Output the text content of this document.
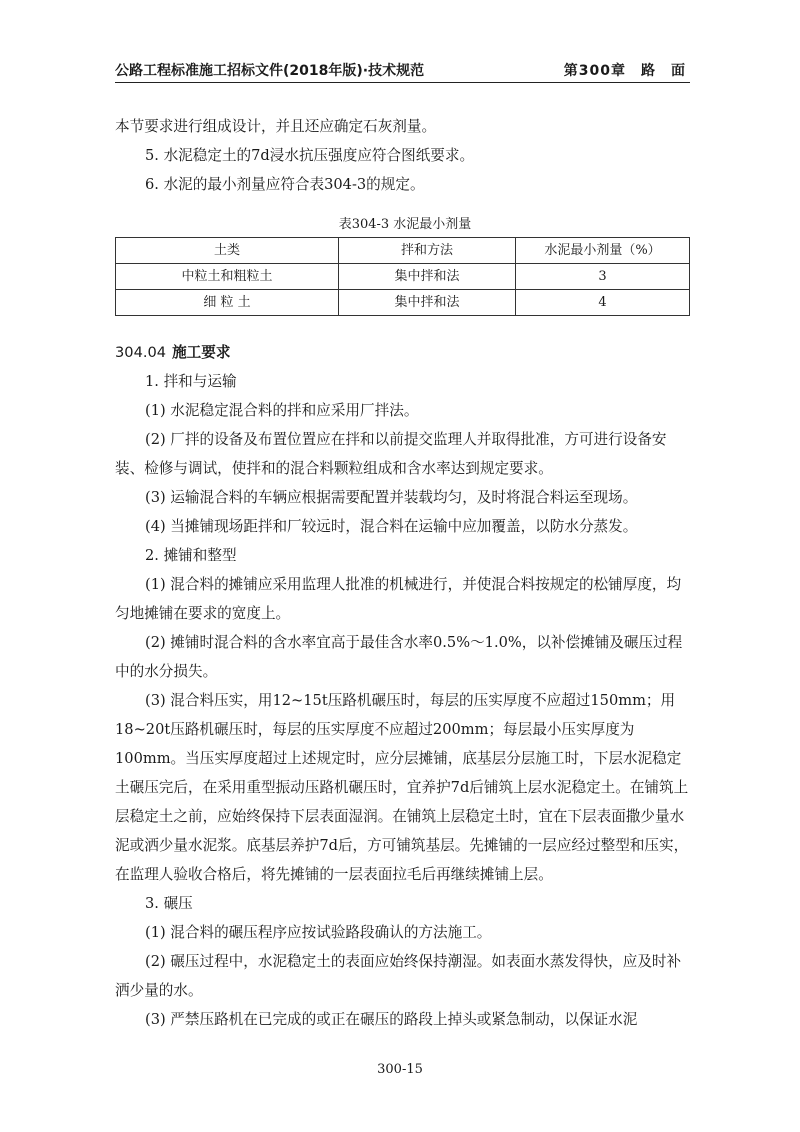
公路工程标准施工招标文件(2018年版)·技术规范	第300章　路　面

本节要求进行组成设计，并且还应确定石灰剂量。

5. 水泥稳定土的7d浸水抗压强度应符合图纸要求。

6. 水泥的最小剂量应符合表304-3的规定。

表304-3 水泥最小剂量
土类	拌和方法	水泥最小剂量（%）
中粒土和粗粒土	集中拌和法	3
细 粒 土	集中拌和法	4

304.04 施工要求

1. 拌和与运输

(1) 水泥稳定混合料的拌和应采用厂拌法。

(2) 厂拌的设备及布置位置应在拌和以前提交监理人并取得批准，方可进行设备安装、检修与调试，使拌和的混合料颗粒组成和含水率达到规定要求。

(3) 运输混合料的车辆应根据需要配置并装载均匀，及时将混合料运至现场。

(4) 当摊铺现场距拌和厂较远时，混合料在运输中应加覆盖，以防水分蒸发。

2. 摊铺和整型

(1) 混合料的摊铺应采用监理人批准的机械进行，并使混合料按规定的松铺厚度，均匀地摊铺在要求的宽度上。

(2) 摊铺时混合料的含水率宜高于最佳含水率0.5%～1.0%，以补偿摊铺及碾压过程中的水分损失。

(3) 混合料压实，用12~15t压路机碾压时，每层的压实厚度不应超过150mm；用18~20t压路机碾压时，每层的压实厚度不应超过200mm；每层最小压实厚度为100mm。当压实厚度超过上述规定时，应分层摊铺，底基层分层施工时，下层水泥稳定土碾压完后，在采用重型振动压路机碾压时，宜养护7d后铺筑上层水泥稳定土。在铺筑上层稳定土之前，应始终保持下层表面湿润。在铺筑上层稳定土时，宜在下层表面撒少量水泥或洒少量水泥浆。底基层养护7d后，方可铺筑基层。先摊铺的一层应经过整型和压实，在监理人验收合格后，将先摊铺的一层表面拉毛后再继续摊铺上层。

3. 碾压

(1) 混合料的碾压程序应按试验路段确认的方法施工。

(2) 碾压过程中，水泥稳定土的表面应始终保持潮湿。如表面水蒸发得快，应及时补洒少量的水。

(3) 严禁压路机在已完成的或正在碾压的路段上掉头或紧急制动，以保证水泥

300-15
